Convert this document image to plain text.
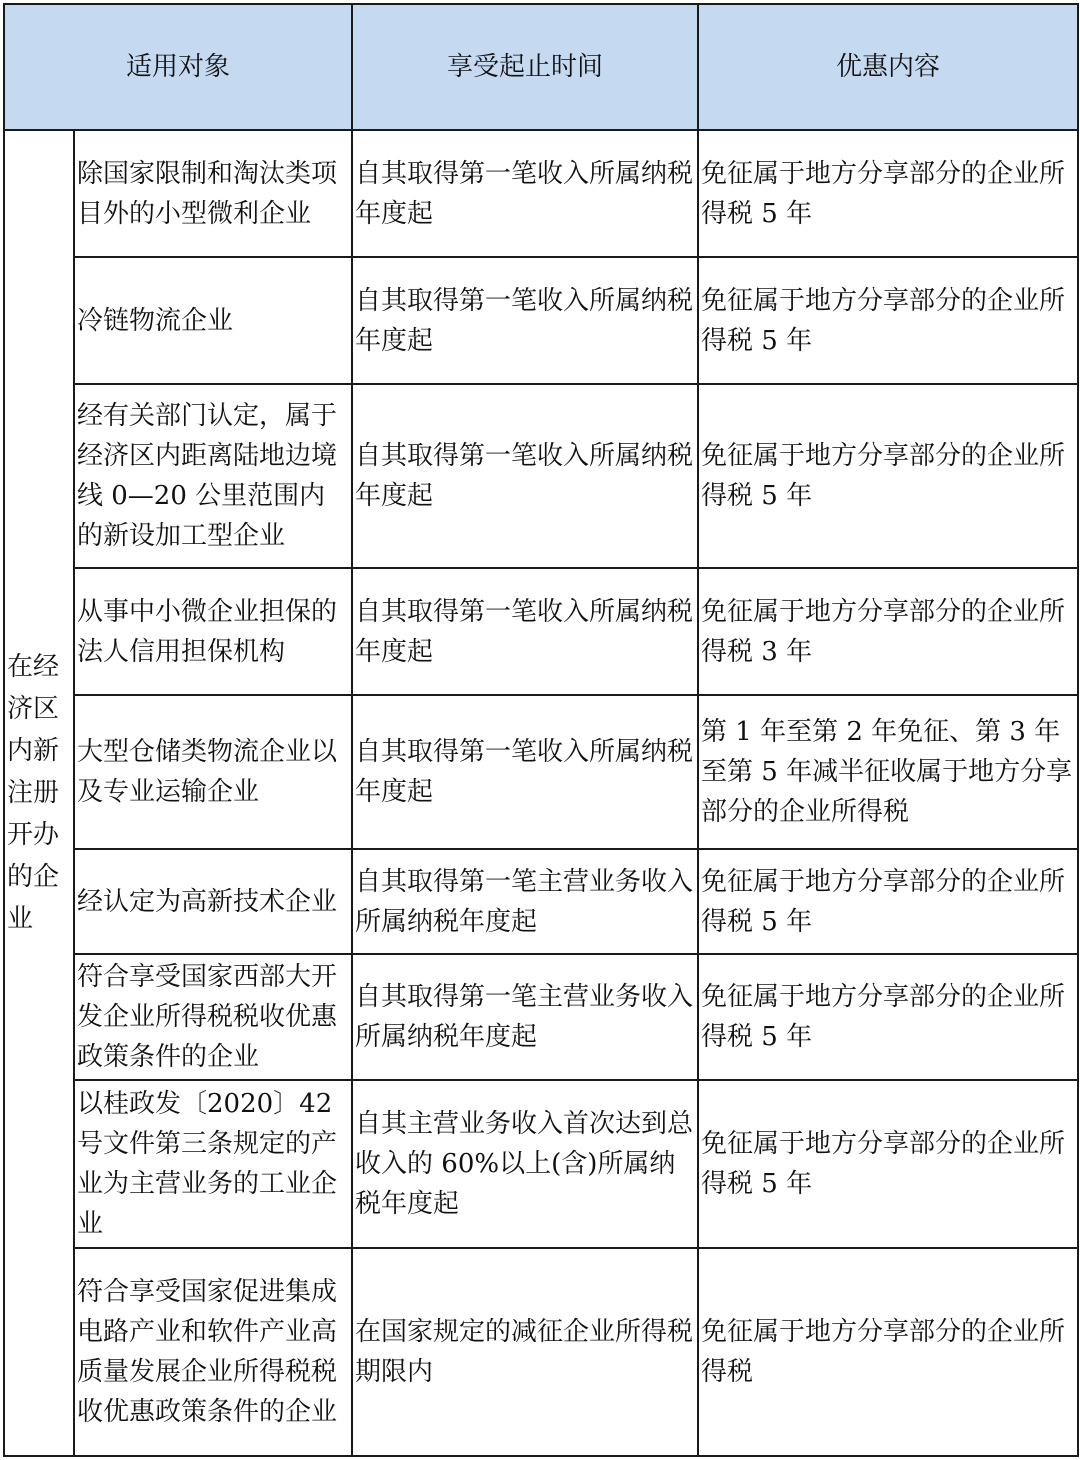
适用对象		享受起止时间	优惠内容
在经济区内新注册开办的企业	除国家限制和淘汰类项目外的小型微利企业	自其取得第一笔收入所属纳税年度起	免征属于地方分享部分的企业所得税 5 年
	冷链物流企业	自其取得第一笔收入所属纳税年度起	免征属于地方分享部分的企业所得税 5 年
	经有关部门认定，属于经济区内距离陆地边境线 0—20 公里范围内的新设加工型企业	自其取得第一笔收入所属纳税年度起	免征属于地方分享部分的企业所得税 5 年
	从事中小微企业担保的法人信用担保机构	自其取得第一笔收入所属纳税年度起	免征属于地方分享部分的企业所得税 3 年
	大型仓储类物流企业以及专业运输企业	自其取得第一笔收入所属纳税年度起	第 1 年至第 2 年免征、第 3 年至第 5 年减半征收属于地方分享部分的企业所得税
	经认定为高新技术企业	自其取得第一笔主营业务收入所属纳税年度起	免征属于地方分享部分的企业所得税 5 年
	符合享受国家西部大开发企业所得税税收优惠政策条件的企业	自其取得第一笔主营业务收入所属纳税年度起	免征属于地方分享部分的企业所得税 5 年
	以桂政发〔2020〕42号文件第三条规定的产业为主营业务的工业企业	自其主营业务收入首次达到总收入的 60%以上(含)所属纳税年度起	免征属于地方分享部分的企业所得税 5 年
	符合享受国家促进集成电路产业和软件产业高质量发展企业所得税税收优惠政策条件的企业	在国家规定的减征企业所得税期限内	免征属于地方分享部分的企业所得税
